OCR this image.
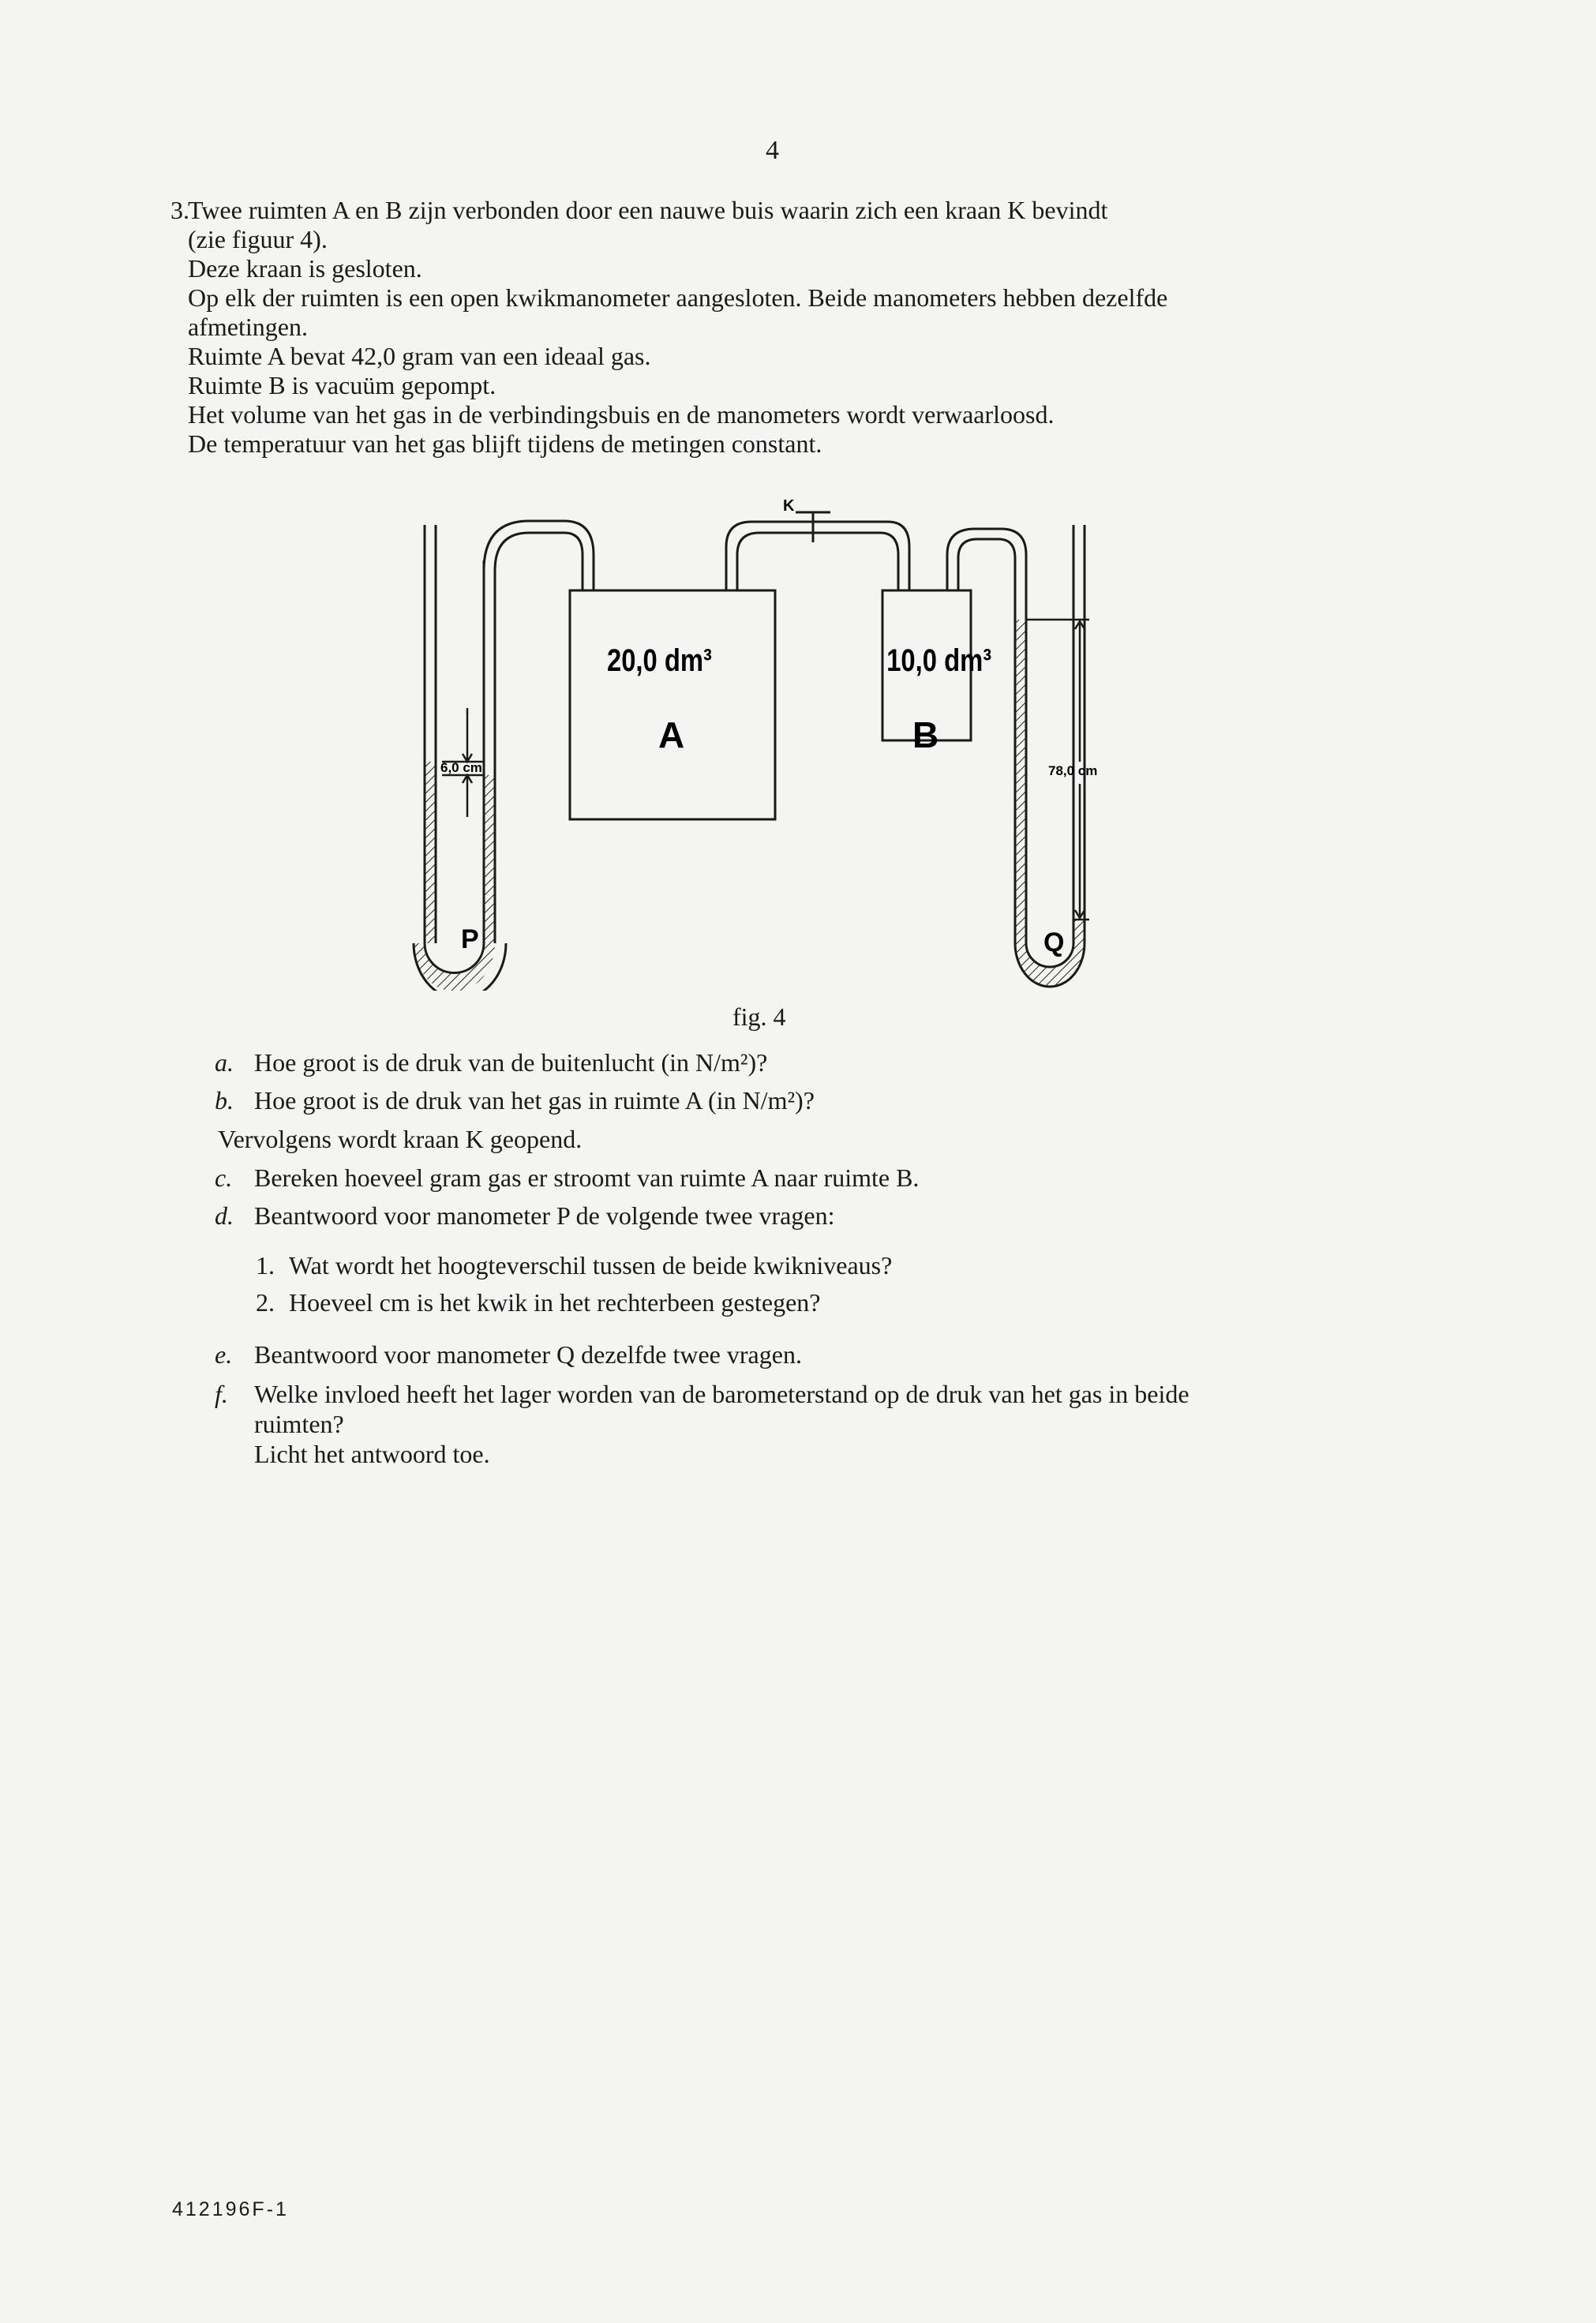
4
3.

Twee ruimten A en B zijn verbonden door een nauwe buis waarin zich een kraan K bevindt

(zie figuur 4).

Deze kraan is gesloten.

Op elk der ruimten is een open kwikmanometer aangesloten. Beide manometers hebben dezelfde

afmetingen.

Ruimte A bevat 42,0 gram van een ideaal gas.

Ruimte B is vacuüm gepompt.

Het volume van het gas in de verbindingsbuis en de manometers wordt verwaarloosd.

De temperatuur van het gas blijft tijdens de metingen constant.

K
20,0 dm³
A
10,0 dm³
B
6,0 cm
P
78,0 cm
Q
fig. 4
a. Hoe groot is de druk van de buitenlucht (in N/m²)?
b. Hoe groot is de druk van het gas in ruimte A (in N/m²)?
Vervolgens wordt kraan K geopend.
c. Bereken hoeveel gram gas er stroomt van ruimte A naar ruimte B.
d. Beantwoord voor manometer P de volgende twee vragen:
1. Wat wordt het hoogteverschil tussen de beide kwikniveaus?
2. Hoeveel cm is het kwik in het rechterbeen gestegen?
e. Beantwoord voor manometer Q dezelfde twee vragen.
f. Welke invloed heeft het lager worden van de barometerstand op de druk van het gas in beide
ruimten?
Licht het antwoord toe.
412196F-1
